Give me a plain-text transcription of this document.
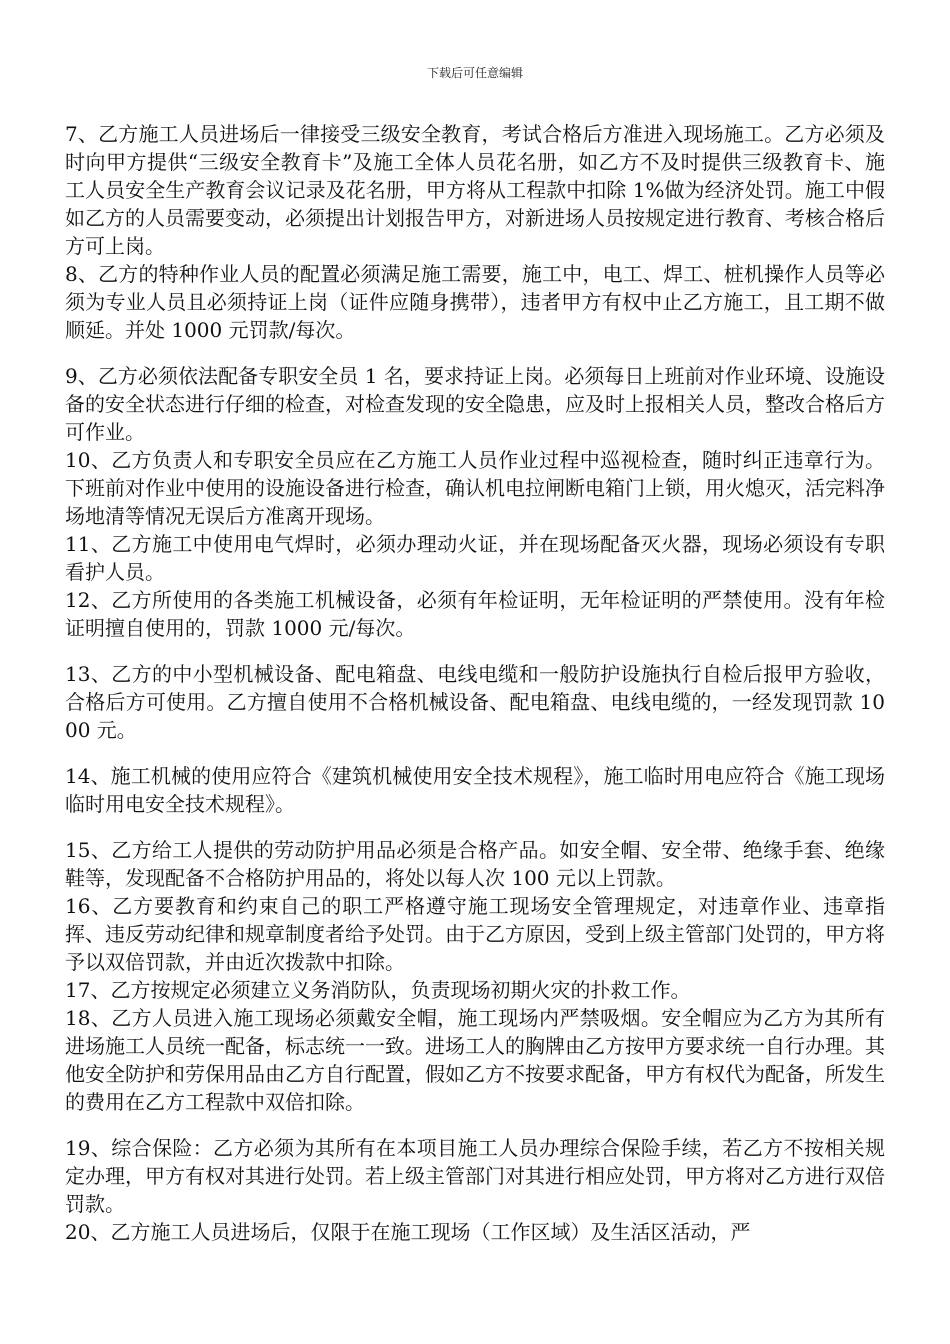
下载后可任意编辑

7、乙方施工人员进场后一律接受三级安全教育，考试合格后方准进入现场施工。乙方必须及时向甲方提供“三级安全教育卡”及施工全体人员花名册，如乙方不及时提供三级教育卡、施工人员安全生产教育会议记录及花名册，甲方将从工程款中扣除 1%做为经济处罚。施工中假如乙方的人员需要变动，必须提出计划报告甲方，对新进场人员按规定进行教育、考核合格后方可上岗。

8、乙方的特种作业人员的配置必须满足施工需要，施工中，电工、焊工、桩机操作人员等必须为专业人员且必须持证上岗（证件应随身携带），违者甲方有权中止乙方施工，且工期不做顺延。并处 1000 元罚款/每次。

9、乙方必须依法配备专职安全员 1 名，要求持证上岗。必须每日上班前对作业环境、设施设备的安全状态进行仔细的检查，对检查发现的安全隐患，应及时上报相关人员，整改合格后方可作业。

10、乙方负责人和专职安全员应在乙方施工人员作业过程中巡视检查，随时纠正违章行为。下班前对作业中使用的设施设备进行检查，确认机电拉闸断电箱门上锁，用火熄灭，活完料净场地清等情况无误后方准离开现场。

11、乙方施工中使用电气焊时，必须办理动火证，并在现场配备灭火器，现场必须设有专职看护人员。

12、乙方所使用的各类施工机械设备，必须有年检证明，无年检证明的严禁使用。没有年检证明擅自使用的，罚款 1000 元/每次。

13、乙方的中小型机械设备、配电箱盘、电线电缆和一般防护设施执行自检后报甲方验收，合格后方可使用。乙方擅自使用不合格机械设备、配电箱盘、电线电缆的，一经发现罚款 1000 元。

14、施工机械的使用应符合《建筑机械使用安全技术规程》，施工临时用电应符合《施工现场临时用电安全技术规程》。

15、乙方给工人提供的劳动防护用品必须是合格产品。如安全帽、安全带、绝缘手套、绝缘鞋等，发现配备不合格防护用品的，将处以每人次 100 元以上罚款。

16、乙方要教育和约束自己的职工严格遵守施工现场安全管理规定，对违章作业、违章指挥、违反劳动纪律和规章制度者给予处罚。由于乙方原因，受到上级主管部门处罚的，甲方将予以双倍罚款，并由近次拨款中扣除。

17、乙方按规定必须建立义务消防队，负责现场初期火灾的扑救工作。

18、乙方人员进入施工现场必须戴安全帽，施工现场内严禁吸烟。安全帽应为乙方为其所有进场施工人员统一配备，标志统一一致。进场工人的胸牌由乙方按甲方要求统一自行办理。其他安全防护和劳保用品由乙方自行配置，假如乙方不按要求配备，甲方有权代为配备，所发生的费用在乙方工程款中双倍扣除。

19、综合保险：乙方必须为其所有在本项目施工人员办理综合保险手续，若乙方不按相关规定办理，甲方有权对其进行处罚。若上级主管部门对其进行相应处罚，甲方将对乙方进行双倍罚款。

20、乙方施工人员进场后，仅限于在施工现场（工作区域）及生活区活动，严
